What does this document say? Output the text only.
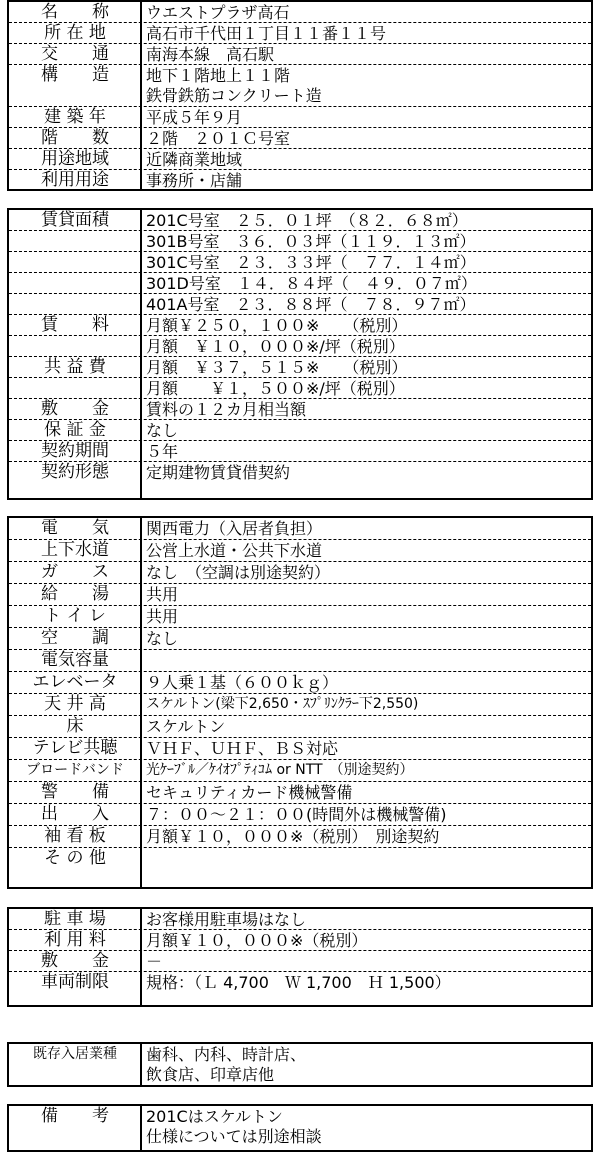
名　　称	ウエストプラザ高石
所 在 地	高石市千代田１丁目１１番１１号
交　　通	南海本線　高石駅
構　　造	地下１階地上１１階
鉄骨鉄筋コンクリート造
建 築 年	平成５年９月
階　　数	２階　２０１Ｃ号室
用途地域	近隣商業地域
利用用途	事務所・店舗
賃貸面積	201C号室　２５．０１坪　（８２．６８㎡）
301B号室　３６．０３坪（１１９．１３㎡）
301C号室　２３．３３坪（　７７．１４㎡）
301D号室　１４．８４坪（　４９．０７㎡）
401A号室　２３．８８坪（　７８．９７㎡）
賃　　料	月額￥２５０，１００※　　（税別）
月額　￥１０，０００※/坪（税別）
共 益 費	月額　￥３７，５１５※　　（税別）
月額　　￥１，５００※/坪（税別）
敷　　金	賃料の１２カ月相当額
保 証 金	なし
契約期間	５年
契約形態	定期建物賃貸借契約
電　　気	関西電力（入居者負担）
上下水道	公営上水道・公共下水道
ガ　　ス	なし　（空調は別途契約）
給　　湯	共用
ト イ レ	共用
空　　調	なし
電気容量
エレベータ	９人乗１基（６００ｋｇ）
天 井 高	スケルトン(梁下2,650・ｽﾌﾟﾘﾝｸﾗｰ下2,550)
床	スケルトン
テレビ共聴	ＶＨＦ、ＵＨＦ、ＢＳ対応
ブロードバンド	光ｹｰﾌﾞﾙ／ｹｲｵﾌﾟﾃｨｺﾑ or NTT　（別途契約）
警　　備	セキュリティカード機械警備
出　　入	７：００～２１：００(時間外は機械警備)
袖 看 板	月額￥１０，０００※（税別）　別途契約
そ の 他
駐 車 場	お客様用駐車場はなし
利 用 料	月額￥１０，０００※（税別）
敷　　金	－
車両制限	規格：（Ｌ 4,700　Ｗ 1,700　Ｈ 1,500）
既存入居業種	歯科、内科、時計店、
飲食店、印章店他
備　　考	201Cはスケルトン
仕様については別途相談
